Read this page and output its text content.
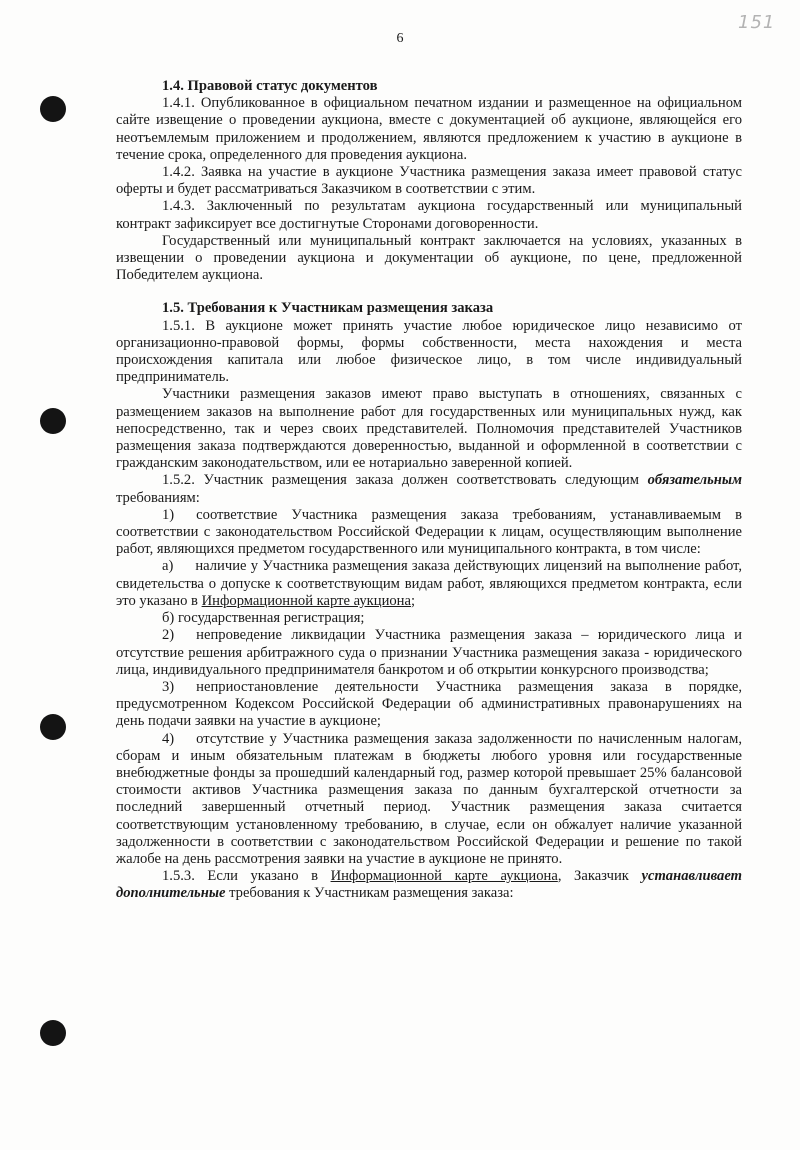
6
151

1.4. Правовой статус документов

1.4.1. Опубликованное в официальном печатном издании и размещенное на официальном сайте извещение о проведении аукциона, вместе с документацией об аукционе, являющейся его неотъемлемым приложением и продолжением, являются предложением к участию в аукционе в течение срока, определенного для проведения аукциона.

1.4.2. Заявка на участие в аукционе Участника размещения заказа имеет правовой статус оферты и будет рассматриваться Заказчиком в соответствии с этим.

1.4.3. Заключенный по результатам аукциона государственный или муниципальный контракт зафиксирует все достигнутые Сторонами договоренности.

Государственный или муниципальный контракт заключается на условиях, указанных в извещении о проведении аукциона и документации об аукционе, по цене, предложенной Победителем аукциона.

1.5. Требования к Участникам размещения заказа

1.5.1. В аукционе может принять участие любое юридическое лицо независимо от организационно-правовой формы, формы собственности, места нахождения и места происхождения капитала или любое физическое лицо, в том числе индивидуальный предприниматель.

Участники размещения заказов имеют право выступать в отношениях, связанных с размещением заказов на выполнение работ для государственных или муниципальных нужд, как непосредственно, так и через своих представителей. Полномочия представителей Участников размещения заказа подтверждаются доверенностью, выданной и оформленной в соответствии с гражданским законодательством, или ее нотариально заверенной копией.

1.5.2. Участник размещения заказа должен соответствовать следующим обязательным требованиям:

1) соответствие Участника размещения заказа требованиям, устанавливаемым в соответствии с законодательством Российской Федерации к лицам, осуществляющим выполнение работ, являющихся предметом государственного или муниципального контракта, в том числе:

а) наличие у Участника размещения заказа действующих лицензий на выполнение работ, свидетельства о допуске к соответствующим видам работ, являющихся предметом контракта, если это указано в Информационной карте аукциона;

б) государственная регистрация;

2) непроведение ликвидации Участника размещения заказа – юридического лица и отсутствие решения арбитражного суда о признании Участника размещения заказа - юридического лица, индивидуального предпринимателя банкротом и об открытии конкурсного производства;

3) неприостановление деятельности Участника размещения заказа в порядке, предусмотренном Кодексом Российской Федерации об административных правонарушениях на день подачи заявки на участие в аукционе;

4) отсутствие у Участника размещения заказа задолженности по начисленным налогам, сборам и иным обязательным платежам в бюджеты любого уровня или государственные внебюджетные фонды за прошедший календарный год, размер которой превышает 25% балансовой стоимости активов Участника размещения заказа по данным бухгалтерской отчетности за последний завершенный отчетный период. Участник размещения заказа считается соответствующим установленному требованию, в случае, если он обжалует наличие указанной задолженности в соответствии с законодательством Российской Федерации и решение по такой жалобе на день рассмотрения заявки на участие в аукционе не принято.

1.5.3. Если указано в Информационной карте аукциона, Заказчик устанавливает дополнительные требования к Участникам размещения заказа:
